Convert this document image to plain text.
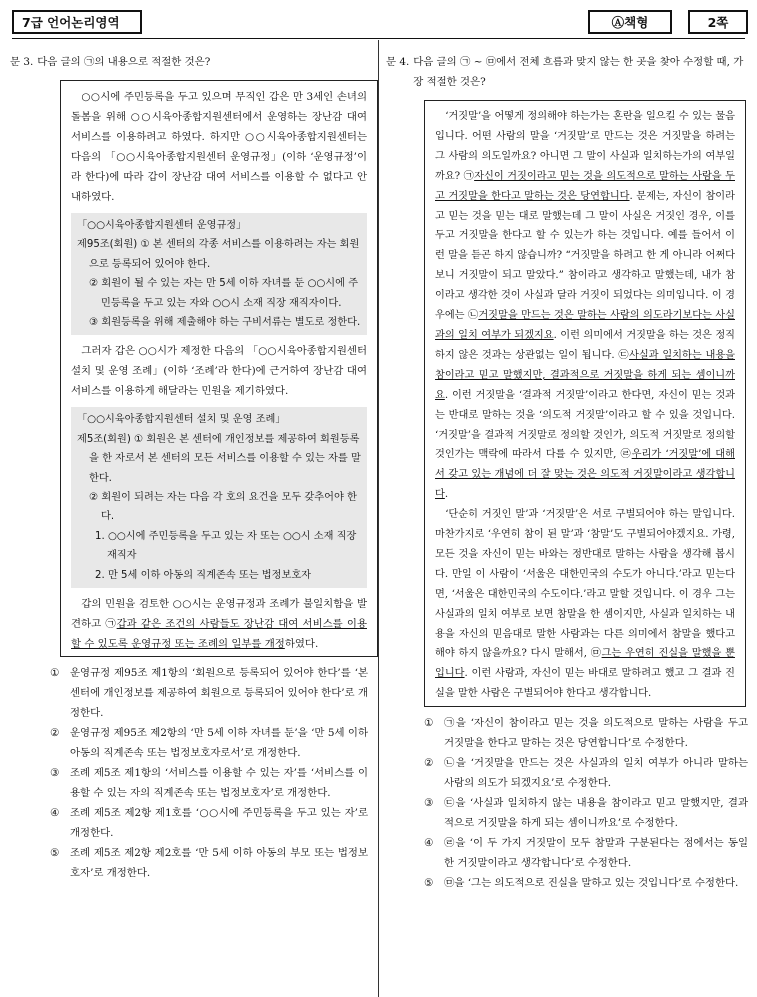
7급 언어논리영역	Ⓐ책형	2쪽
문 3. 다음 글의 ㉠의 내용으로 적절한 것은?

○○시에 주민등록을 두고 있으며 무직인 갑은 만 3세인 손녀의 돌봄을 위해 ○○시육아종합지원센터에서 운영하는 장난감 대여 서비스를 이용하려고 하였다. 하지만 ○○시육아종합지원센터는 다음의 「○○시육아종합지원센터 운영규정」(이하 ‘운영규정’이라 한다)에 따라 갑이 장난감 대여 서비스를 이용할 수 없다고 안내하였다.

「○○시육아종합지원센터 운영규정」

제95조(회원) ① 본 센터의 각종 서비스를 이용하려는 자는 회원으로 등록되어 있어야 한다.

② 회원이 될 수 있는 자는 만 5세 이하 자녀를 둔 ○○시에 주민등록을 두고 있는 자와 ○○시 소재 직장 재직자이다.

③ 회원등록을 위해 제출해야 하는 구비서류는 별도로 정한다.

그러자 갑은 ○○시가 제정한 다음의 「○○시육아종합지원센터 설치 및 운영 조례」(이하 ‘조례’라 한다)에 근거하여 장난감 대여 서비스를 이용하게 해달라는 민원을 제기하였다.

「○○시육아종합지원센터 설치 및 운영 조례」

제5조(회원) ① 회원은 본 센터에 개인정보를 제공하여 회원등록을 한 자로서 본 센터의 모든 서비스를 이용할 수 있는 자를 말한다.

② 회원이 되려는 자는 다음 각 호의 요건을 모두 갖추어야 한다.

1. ○○시에 주민등록을 두고 있는 자 또는 ○○시 소재 직장 재직자

2. 만 5세 이하 아동의 직계존속 또는 법정보호자

갑의 민원을 검토한 ○○시는 운영규정과 조례가 불일치함을 발견하고 ㉠갑과 같은 조건의 사람들도 장난감 대여 서비스를 이용할 수 있도록 운영규정 또는 조례의 일부를 개정하였다.

①	운영규정 제95조 제1항의 ‘회원으로 등록되어 있어야 한다’를 ‘본 센터에 개인정보를 제공하여 회원으로 등록되어 있어야 한다’로 개정한다.
②	운영규정 제95조 제2항의 ‘만 5세 이하 자녀를 둔’을 ‘만 5세 이하 아동의 직계존속 또는 법정보호자로서’로 개정한다.
③	조례 제5조 제1항의 ‘서비스를 이용할 수 있는 자’를 ‘서비스를 이용할 수 있는 자의 직계존속 또는 법정보호자’로 개정한다.
④	조례 제5조 제2항 제1호를 ‘○○시에 주민등록을 두고 있는 자’로 개정한다.
⑤	조례 제5조 제2항 제2호를 ‘만 5세 이하 아동의 부모 또는 법정보호자’로 개정한다.
문 4. 다음 글의 ㉠ ~ ㉤에서 전체 흐름과 맞지 않는 한 곳을 찾아 수정할 때, 가장 적절한 것은?

‘거짓말’을 어떻게 정의해야 하는가는 혼란을 일으킬 수 있는 물음입니다. 어떤 사람의 말을 ‘거짓말’로 만드는 것은 거짓말을 하려는 그 사람의 의도일까요? 아니면 그 말이 사실과 일치하는가의 여부일까요? ㉠자신이 거짓이라고 믿는 것을 의도적으로 말하는 사람을 두고 거짓말을 한다고 말하는 것은 당연합니다. 문제는, 자신이 참이라고 믿는 것을 믿는 대로 말했는데 그 말이 사실은 거짓인 경우, 이를 두고 거짓말을 한다고 할 수 있는가 하는 것입니다. 예를 들어서 이런 말을 듣곤 하지 않습니까? “거짓말을 하려고 한 게 아니라 어쩌다 보니 거짓말이 되고 말았다.” 참이라고 생각하고 말했는데, 내가 참이라고 생각한 것이 사실과 달라 거짓이 되었다는 의미입니다. 이 경우에는 ㉡거짓말을 만드는 것은 말하는 사람의 의도라기보다는 사실과의 일치 여부가 되겠지요. 이런 의미에서 거짓말을 하는 것은 정직하지 않은 것과는 상관없는 일이 됩니다. ㉢사실과 일치하는 내용을 참이라고 믿고 말했지만, 결과적으로 거짓말을 하게 되는 셈이니까요. 이런 거짓말을 ‘결과적 거짓말’이라고 한다면, 자신이 믿는 것과는 반대로 말하는 것을 ‘의도적 거짓말’이라고 할 수 있을 것입니다. ‘거짓말’을 결과적 거짓말로 정의할 것인가, 의도적 거짓말로 정의할 것인가는 맥락에 따라서 다를 수 있지만, ㉣우리가 ‘거짓말’에 대해서 갖고 있는 개념에 더 잘 맞는 것은 의도적 거짓말이라고 생각합니다.

‘단순히 거짓인 말’과 ‘거짓말’은 서로 구별되어야 하는 말입니다. 마찬가지로 ‘우연히 참이 된 말’과 ‘참말’도 구별되어야겠지요. 가령, 모든 것을 자신이 믿는 바와는 정반대로 말하는 사람을 생각해 봅시다. 만일 이 사람이 ‘서울은 대한민국의 수도가 아니다.’라고 믿는다면, ‘서울은 대한민국의 수도이다.’라고 말할 것입니다. 이 경우 그는 사실과의 일치 여부로 보면 참말을 한 셈이지만, 사실과 일치하는 내용을 자신의 믿음대로 말한 사람과는 다른 의미에서 참말을 했다고 해야 하지 않을까요? 다시 말해서, ㉤그는 우연히 진실을 말했을 뿐입니다. 이런 사람과, 자신이 믿는 바대로 말하려고 했고 그 결과 진실을 말한 사람은 구별되어야 한다고 생각합니다.

①	㉠을 ‘자신이 참이라고 믿는 것을 의도적으로 말하는 사람을 두고 거짓말을 한다고 말하는 것은 당연합니다’로 수정한다.
②	㉡을 ‘거짓말을 만드는 것은 사실과의 일치 여부가 아니라 말하는 사람의 의도가 되겠지요’로 수정한다.
③	㉢을 ‘사실과 일치하지 않는 내용을 참이라고 믿고 말했지만, 결과적으로 거짓말을 하게 되는 셈이니까요’로 수정한다.
④	㉣을 ‘이 두 가지 거짓말이 모두 참말과 구분된다는 점에서는 동일한 거짓말이라고 생각합니다’로 수정한다.
⑤	㉤을 ‘그는 의도적으로 진실을 말하고 있는 것입니다’로 수정한다.
